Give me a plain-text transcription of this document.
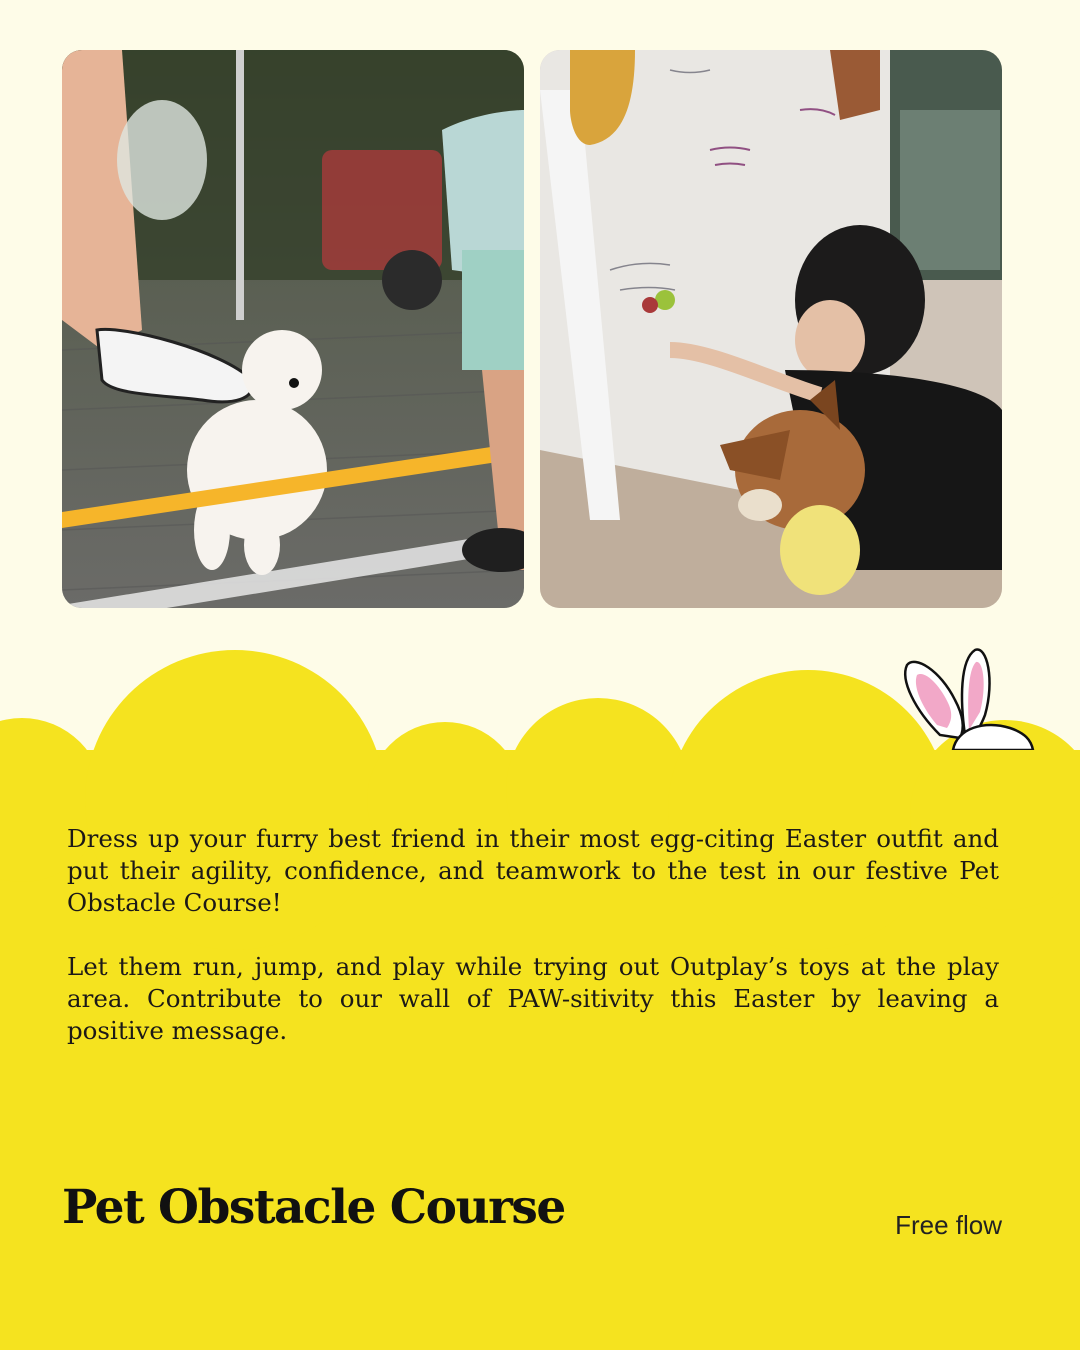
Dress up your furry best friend in their most egg-citing Easter outfit and put their agility, confidence, and teamwork to the test in our festive Pet Obstacle Course!

Let them run, jump, and play while trying out Outplay’s toys at the play area. Contribute to our wall of PAW-sitivity this Easter by leaving a positive message.

Pet Obstacle Course	Free flow
